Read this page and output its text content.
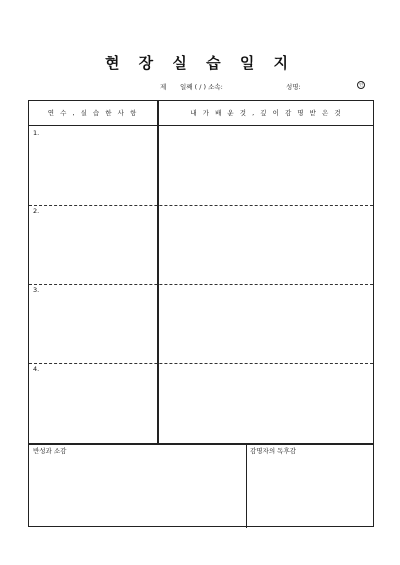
현 장 실 습 일 지
제 일째 ( / ) 소속:	성명:	인
연 수 , 실 습 한 사 항	내 가 배 운 것 , 깊 이 감 명 받 은 것
1.
2.
3.
4.
반성과 소감	감명자의 독후감
